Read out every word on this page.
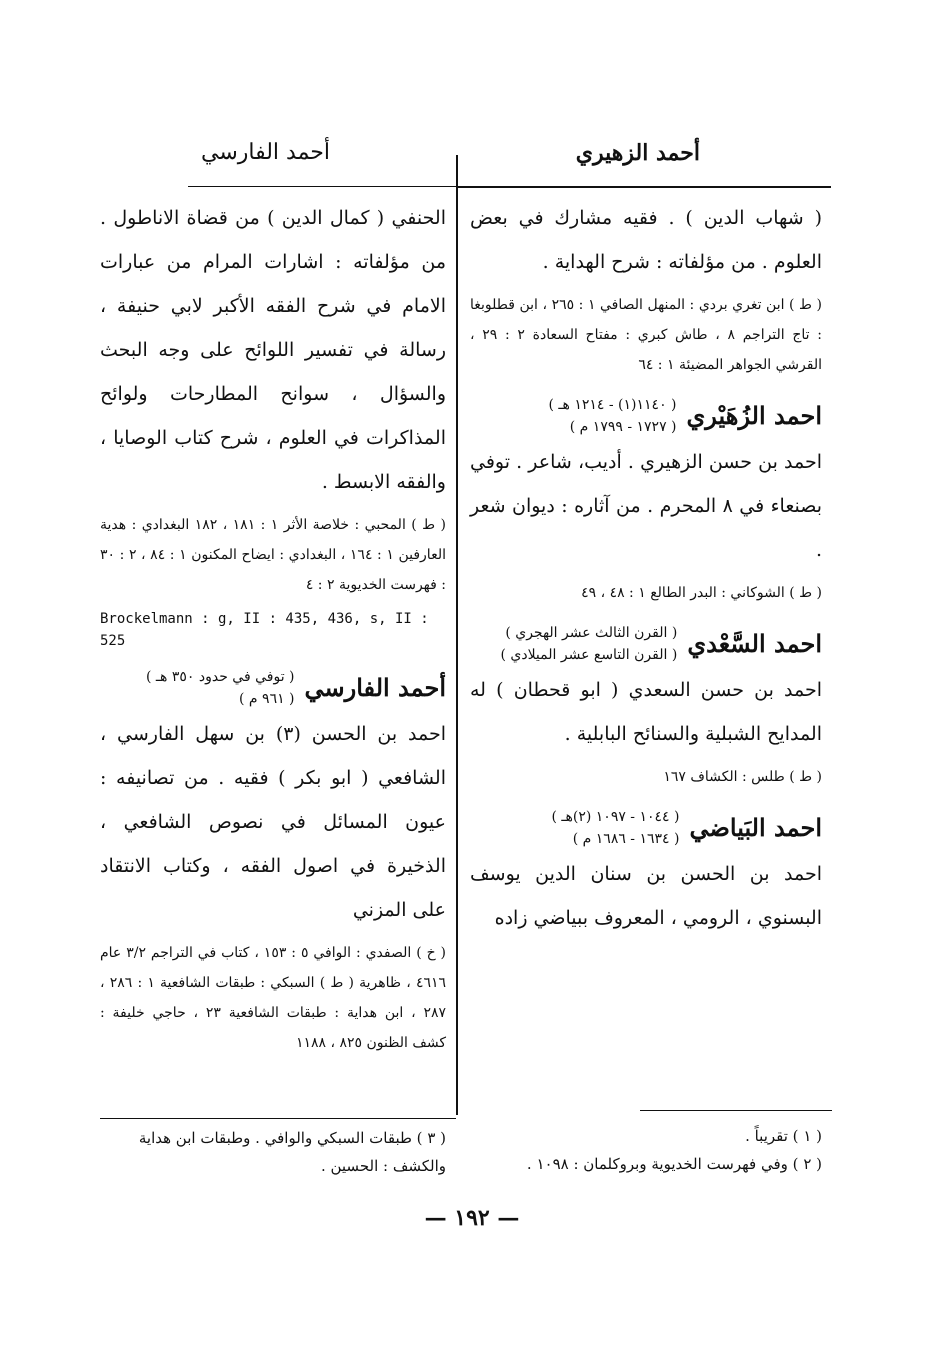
أحمد الزهيري
أحمد الفارسي

( شهاب الدين ) . فقيه مشارك في بعض العلوم . من مؤلفاته : شرح الهداية .

( ط ) ابن تغري بردي : المنهل الصافي ١ : ٢٦٥ ، ابن قطلوبغا : تاج التراجم ٨ ، طاش كبري : مفتاح السعادة ٢ : ٢٩ ، القرشي الجواهر المضيئة ١ : ٦٤

احمد الزُهَيْري
( ١١٤٠(١) - ١٢١٤ هـ )
( ١٧٢٧ - ١٧٩٩ م )

احمد بن حسن الزهيري . أديب، شاعر . توفي بصنعاء في ٨ المحرم . من آثاره : ديوان شعر .

( ط ) الشوكاني : البدر الطالع ١ : ٤٨ ، ٤٩

احمد السَّعْدي
( القرن الثالث عشر الهجري )
( القرن التاسع عشر الميلادي )

احمد بن حسن السعدي ( ابو قحطان ) له المدايح الشبلية والسنائح البابلية .

( ط ) طلس : الكشاف ١٦٧

احمد البَياضي
( ١٠٤٤ - ١٠٩٧ (٢)هـ )
( ١٦٣٤ - ١٦٨٦ م )

احمد بن الحسن بن سنان الدين يوسف البسنوي ، الرومي ، المعروف ببياضي زاده

الحنفي ( كمال الدين ) من قضاة الاناطول . من مؤلفاته : اشارات المرام من عبارات الامام في شرح الفقه الأكبر لابي حنيفة ، رسالة في تفسير اللوائح على وجه البحث والسؤال ، سوانح المطارحات ولوائح المذاكرات في العلوم ، شرح كتاب الوصايا ، والفقه الابسط .

( ط ) المحبي : خلاصة الأثر ١ : ١٨١ ، ١٨٢ البغدادي : هدية العارفين ١ : ١٦٤ ، البغدادي : ايضاح المكنون ١ : ٨٤ ، ٢ : ٣٠ : فهرست الخديوية ٢ : ٤

Brockelmann : g, II : 435, 436, s, II : 525

أحمد الفارسي
( توفي في حدود ٣٥٠ هـ )
( ٩٦١ م )

احمد بن الحسن (٣) بن سهل الفارسي ، الشافعي ( ابو بكر ) فقيه . من تصانيفه : عيون المسائل في نصوص الشافعي ، الذخيرة في اصول الفقه ، وكتاب الانتقاد على المزني

( خ ) الصفدي : الوافي ٥ : ١٥٣ ، كتاب في التراجم ٣/٢ عام ٤٦١٦ ، ظاهرية ( ط ) السبكي : طبقات الشافعية ١ : ٢٨٦ ، ٢٨٧ ، ابن هداية : طبقات الشافعية ٢٣ ، حاجي خليفة : كشف الظنون ٨٢٥ ، ١١٨٨

( ١ ) تقريباً .
( ٢ ) وفي فهرست الخديوية وبروكلمان : ١٠٩٨ .
( ٣ ) طبقات السبكي والوافي . وطبقات ابن هداية والكشف : الحسين .
— ١٩٢ —
